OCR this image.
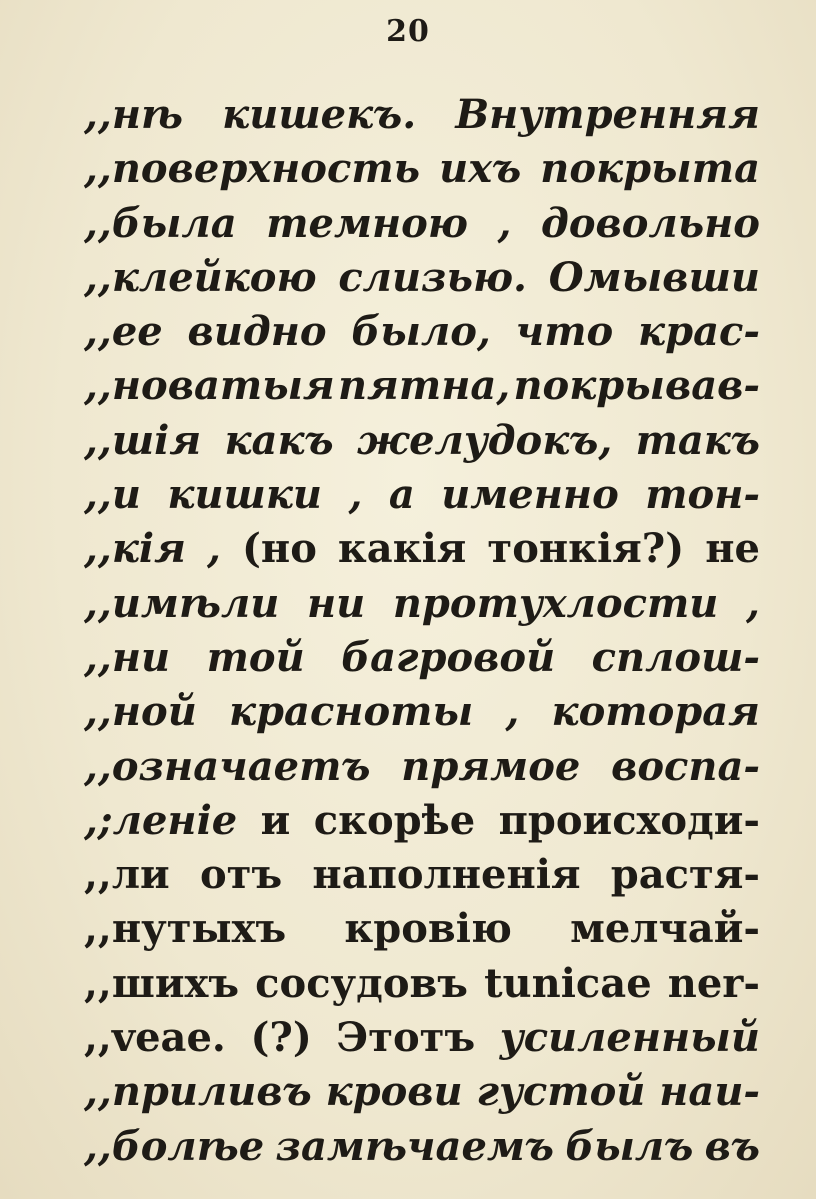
20
,,нѣ кишекъ. Внутренняя
,,поверхность ихъ покрыта
,,была темною , довольно
,,клейкою слизью. Омывши
,,ее видно было, что крас-
,,новатыя пятна, покрывав-
,,шія какъ желудокъ, такъ
,,и кишки , а именно тон-
,,кія , (но какія тонкія?) не
,,имѣли ни протухлости ,
,,ни той багровой сплош-
,,ной красноты , которая
,,означаетъ прямое воспа-
,;леніе и скорѣе происходи-
,,ли отъ наполненія растя-
,,нутыхъ кровію мелчай-
,,шихъ сосудовъ tunicae ner-
,,veae. (?) Этотъ усиленный
,,приливъ крови густой наи-
,,болѣе замѣчаемъ былъ въ
